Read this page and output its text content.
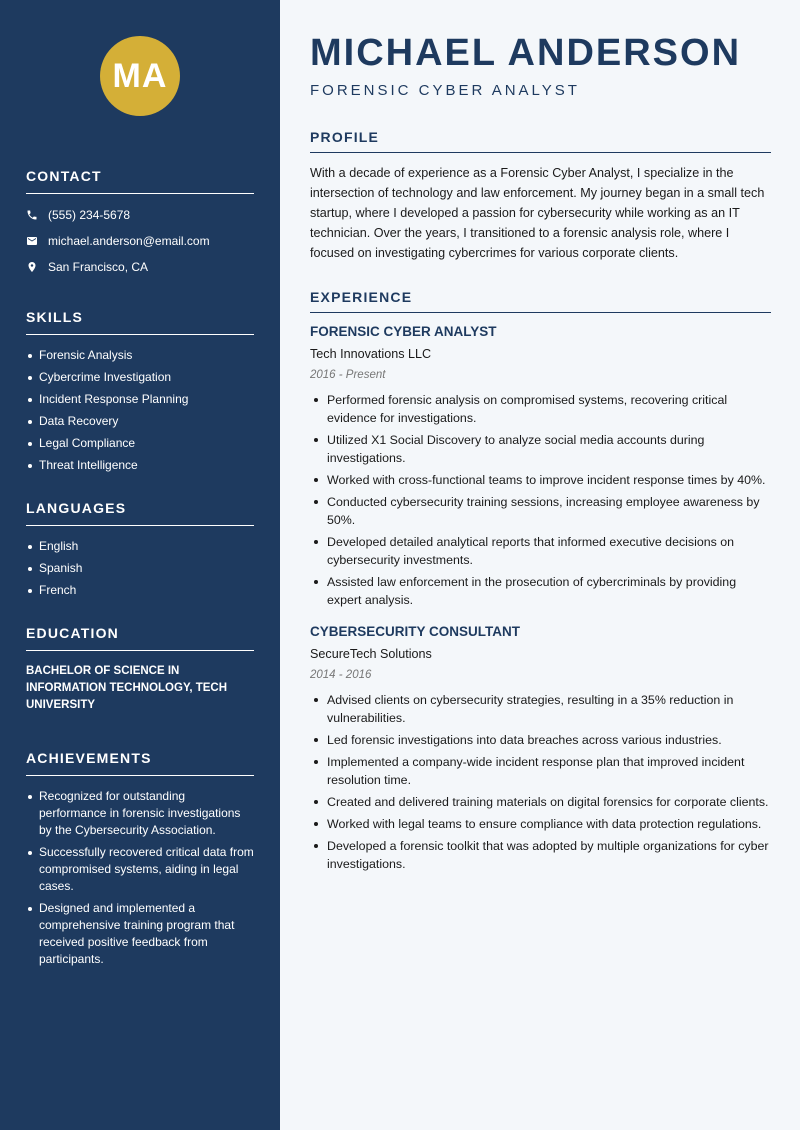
MA
CONTACT
(555) 234-5678
michael.anderson@email.com
San Francisco, CA
SKILLS
Forensic Analysis
Cybercrime Investigation
Incident Response Planning
Data Recovery
Legal Compliance
Threat Intelligence
LANGUAGES
English
Spanish
French
EDUCATION
BACHELOR OF SCIENCE IN INFORMATION TECHNOLOGY, TECH UNIVERSITY
ACHIEVEMENTS
Recognized for outstanding performance in forensic investigations by the Cybersecurity Association.
Successfully recovered critical data from compromised systems, aiding in legal cases.
Designed and implemented a comprehensive training program that received positive feedback from participants.
MICHAEL ANDERSON
FORENSIC CYBER ANALYST
PROFILE

With a decade of experience as a Forensic Cyber Analyst, I specialize in the intersection of technology and law enforcement. My journey began in a small tech startup, where I developed a passion for cybersecurity while working as an IT technician. Over the years, I transitioned to a forensic analysis role, where I focused on investigating cybercrimes for various corporate clients.

EXPERIENCE
FORENSIC CYBER ANALYST
Tech Innovations LLC
2016 - Present
Performed forensic analysis on compromised systems, recovering critical evidence for investigations.
Utilized X1 Social Discovery to analyze social media accounts during investigations.
Worked with cross-functional teams to improve incident response times by 40%.
Conducted cybersecurity training sessions, increasing employee awareness by 50%.
Developed detailed analytical reports that informed executive decisions on cybersecurity investments.
Assisted law enforcement in the prosecution of cybercriminals by providing expert analysis.
CYBERSECURITY CONSULTANT
SecureTech Solutions
2014 - 2016
Advised clients on cybersecurity strategies, resulting in a 35% reduction in vulnerabilities.
Led forensic investigations into data breaches across various industries.
Implemented a company-wide incident response plan that improved incident resolution time.
Created and delivered training materials on digital forensics for corporate clients.
Worked with legal teams to ensure compliance with data protection regulations.
Developed a forensic toolkit that was adopted by multiple organizations for cyber investigations.
